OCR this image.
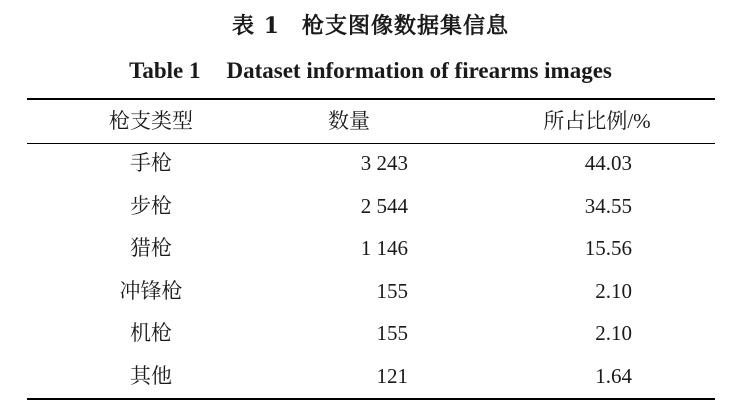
表 1 枪支图像数据集信息
Table 1 Dataset information of firearms images
枪支类型	数量	所占比例/%
手枪	3 243	44.03
步枪	2 544	34.55
猎枪	1 146	15.56
冲锋枪	155	2.10
机枪	155	2.10
其他	121	1.64
